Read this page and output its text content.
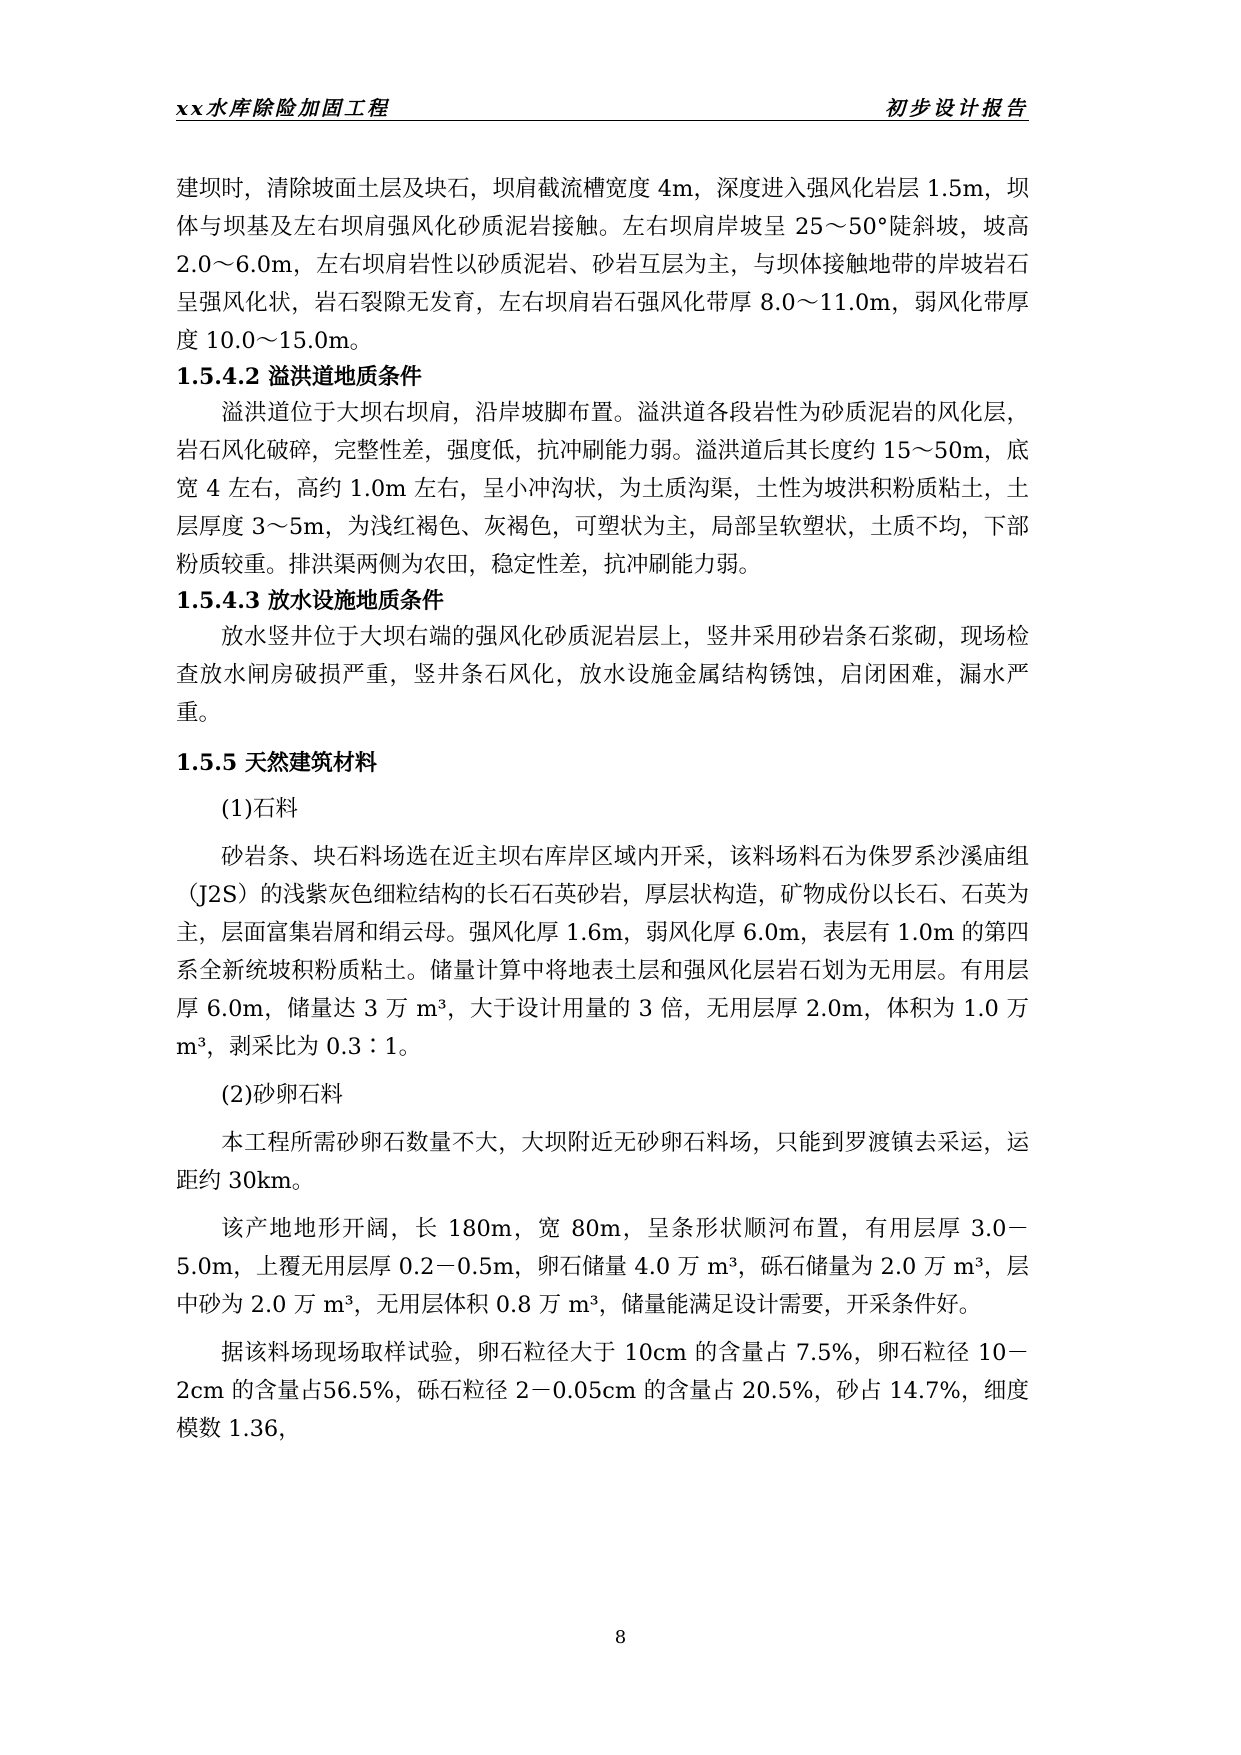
xx水库除险加固工程	初步设计报告

建坝时，清除坡面土层及块石，坝肩截流槽宽度 4m，深度进入强风化岩层 1.5m，坝体与坝基及左右坝肩强风化砂质泥岩接触。左右坝肩岸坡呈 25～50°陡斜坡，坡高 2.0～6.0m，左右坝肩岩性以砂质泥岩、砂岩互层为主，与坝体接触地带的岸坡岩石呈强风化状，岩石裂隙无发育，左右坝肩岩石强风化带厚 8.0～11.0m，弱风化带厚度 10.0～15.0m。

1.5.4.2 溢洪道地质条件

溢洪道位于大坝右坝肩，沿岸坡脚布置。溢洪道各段岩性为砂质泥岩的风化层，岩石风化破碎，完整性差，强度低，抗冲刷能力弱。溢洪道后其长度约 15～50m，底宽 4 左右，高约 1.0m 左右，呈小冲沟状，为土质沟渠，土性为坡洪积粉质粘土，土层厚度 3～5m，为浅红褐色、灰褐色，可塑状为主，局部呈软塑状，土质不均，下部粉质较重。排洪渠两侧为农田，稳定性差，抗冲刷能力弱。

1.5.4.3 放水设施地质条件

放水竖井位于大坝右端的强风化砂质泥岩层上，竖井采用砂岩条石浆砌，现场检查放水闸房破损严重，竖井条石风化，放水设施金属结构锈蚀，启闭困难，漏水严重。

1.5.5 天然建筑材料

(1)石料

砂岩条、块石料场选在近主坝右库岸区域内开采，该料场料石为侏罗系沙溪庙组（J2S）的浅紫灰色细粒结构的长石石英砂岩，厚层状构造，矿物成份以长石、石英为主，层面富集岩屑和绢云母。强风化厚 1.6m，弱风化厚 6.0m，表层有 1.0m 的第四系全新统坡积粉质粘土。储量计算中将地表土层和强风化层岩石划为无用层。有用层厚 6.0m，储量达 3 万 m³，大于设计用量的 3 倍，无用层厚 2.0m，体积为 1.0 万 m³，剥采比为 0.3∶1。

(2)砂卵石料

本工程所需砂卵石数量不大，大坝附近无砂卵石料场，只能到罗渡镇去采运，运距约 30km。

该产地地形开阔，长 180m，宽 80m，呈条形状顺河布置，有用层厚 3.0－5.0m，上覆无用层厚 0.2－0.5m，卵石储量 4.0 万 m³，砾石储量为 2.0 万 m³，层中砂为 2.0 万 m³，无用层体积 0.8 万 m³，储量能满足设计需要，开采条件好。

据该料场现场取样试验，卵石粒径大于 10cm 的含量占 7.5%，卵石粒径 10－2cm 的含量占56.5%，砾石粒径 2－0.05cm 的含量占 20.5%，砂占 14.7%，细度模数 1.36，

8
